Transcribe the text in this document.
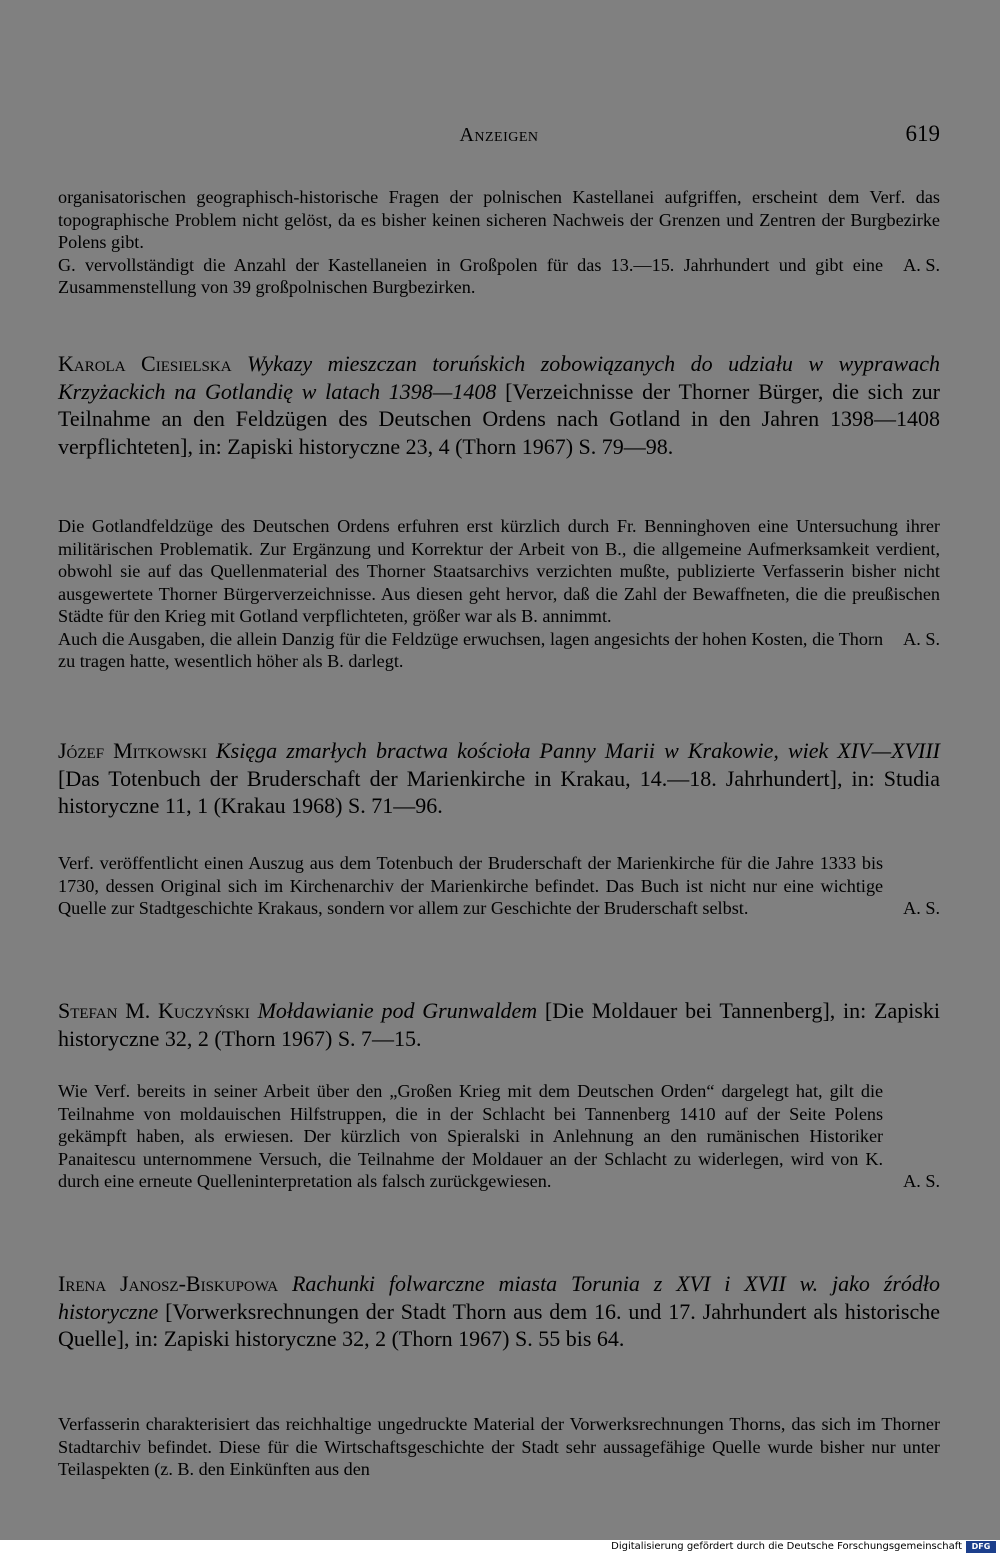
Anzeigen	619

organisatorischen geographisch-historische Fragen der polnischen Kastellanei aufgriffen, erscheint dem Verf. das topographische Problem nicht gelöst, da es bisher keinen sicheren Nachweis der Grenzen und Zentren der Burgbezirke Polens gibt.

G. vervollständigt die Anzahl der Kastellaneien in Großpolen für das 13.—15. Jahrhundert und gibt eine Zusammenstellung von 39 großpolnischen Burgbezirken.
A. S.
Karola Ciesielska Wykazy mieszczan toruńskich zobowiązanych do udziału w wyprawach Krzyżackich na Gotlandię w latach 1398—1408 [Verzeichnisse der Thorner Bürger, die sich zur Teilnahme an den Feldzügen des Deutschen Ordens nach Gotland in den Jahren 1398—1408 verpflichteten], in: Zapiski historyczne 23, 4 (Thorn 1967) S. 79—98.

Die Gotlandfeldzüge des Deutschen Ordens erfuhren erst kürzlich durch Fr. Benninghoven eine Untersuchung ihrer militärischen Problematik. Zur Ergänzung und Korrektur der Arbeit von B., die allgemeine Aufmerksamkeit verdient, obwohl sie auf das Quellenmaterial des Thorner Staatsarchivs verzichten mußte, publizierte Verfasserin bisher nicht ausgewertete Thorner Bürgerverzeichnisse. Aus diesen geht hervor, daß die Zahl der Bewaffneten, die die preußischen Städte für den Krieg mit Gotland verpflichteten, größer war als B. annimmt.

Auch die Ausgaben, die allein Danzig für die Feldzüge erwuchsen, lagen angesichts der hohen Kosten, die Thorn zu tragen hatte, wesentlich höher als B. darlegt.
A. S.
Józef Mitkowski Księga zmarłych bractwa kościoła Panny Marii w Krakowie, wiek XIV—XVIII [Das Totenbuch der Bruderschaft der Marienkirche in Krakau, 14.—18. Jahrhundert], in: Studia historyczne 11, 1 (Krakau 1968) S. 71—96.
Verf. veröffentlicht einen Auszug aus dem Totenbuch der Bruderschaft der Marienkirche für die Jahre 1333 bis 1730, dessen Original sich im Kirchenarchiv der Marienkirche befindet. Das Buch ist nicht nur eine wichtige Quelle zur Stadtgeschichte Krakaus, sondern vor allem zur Geschichte der Bruderschaft selbst.	A. S.
Stefan M. Kuczyński Mołdawianie pod Grunwaldem [Die Moldauer bei Tannenberg], in: Zapiski historyczne 32, 2 (Thorn 1967) S. 7—15.
Wie Verf. bereits in seiner Arbeit über den „Großen Krieg mit dem Deutschen Orden“ dargelegt hat, gilt die Teilnahme von moldauischen Hilfstruppen, die in der Schlacht bei Tannenberg 1410 auf der Seite Polens gekämpft haben, als erwiesen. Der kürzlich von Spieralski in Anlehnung an den rumänischen Historiker Panaitescu unternommene Versuch, die Teilnahme der Moldauer an der Schlacht zu widerlegen, wird von K. durch eine erneute Quelleninterpretation als falsch zurückgewiesen.	A. S.
Irena Janosz-Biskupowa Rachunki folwarczne miasta Torunia z XVI i XVII w. jako źródło historyczne [Vorwerksrechnungen der Stadt Thorn aus dem 16. und 17. Jahrhundert als historische Quelle], in: Zapiski historyczne 32, 2 (Thorn 1967) S. 55 bis 64.

Verfasserin charakterisiert das reichhaltige ungedruckte Material der Vorwerksrechnungen Thorns, das sich im Thorner Stadtarchiv befindet. Diese für die Wirtschaftsgeschichte der Stadt sehr aussagefähige Quelle wurde bisher nur unter Teilaspekten (z. B. den Einkünften aus den

Digitalisierung gefördert durch die Deutsche Forschungsgemeinschaft	DFG
